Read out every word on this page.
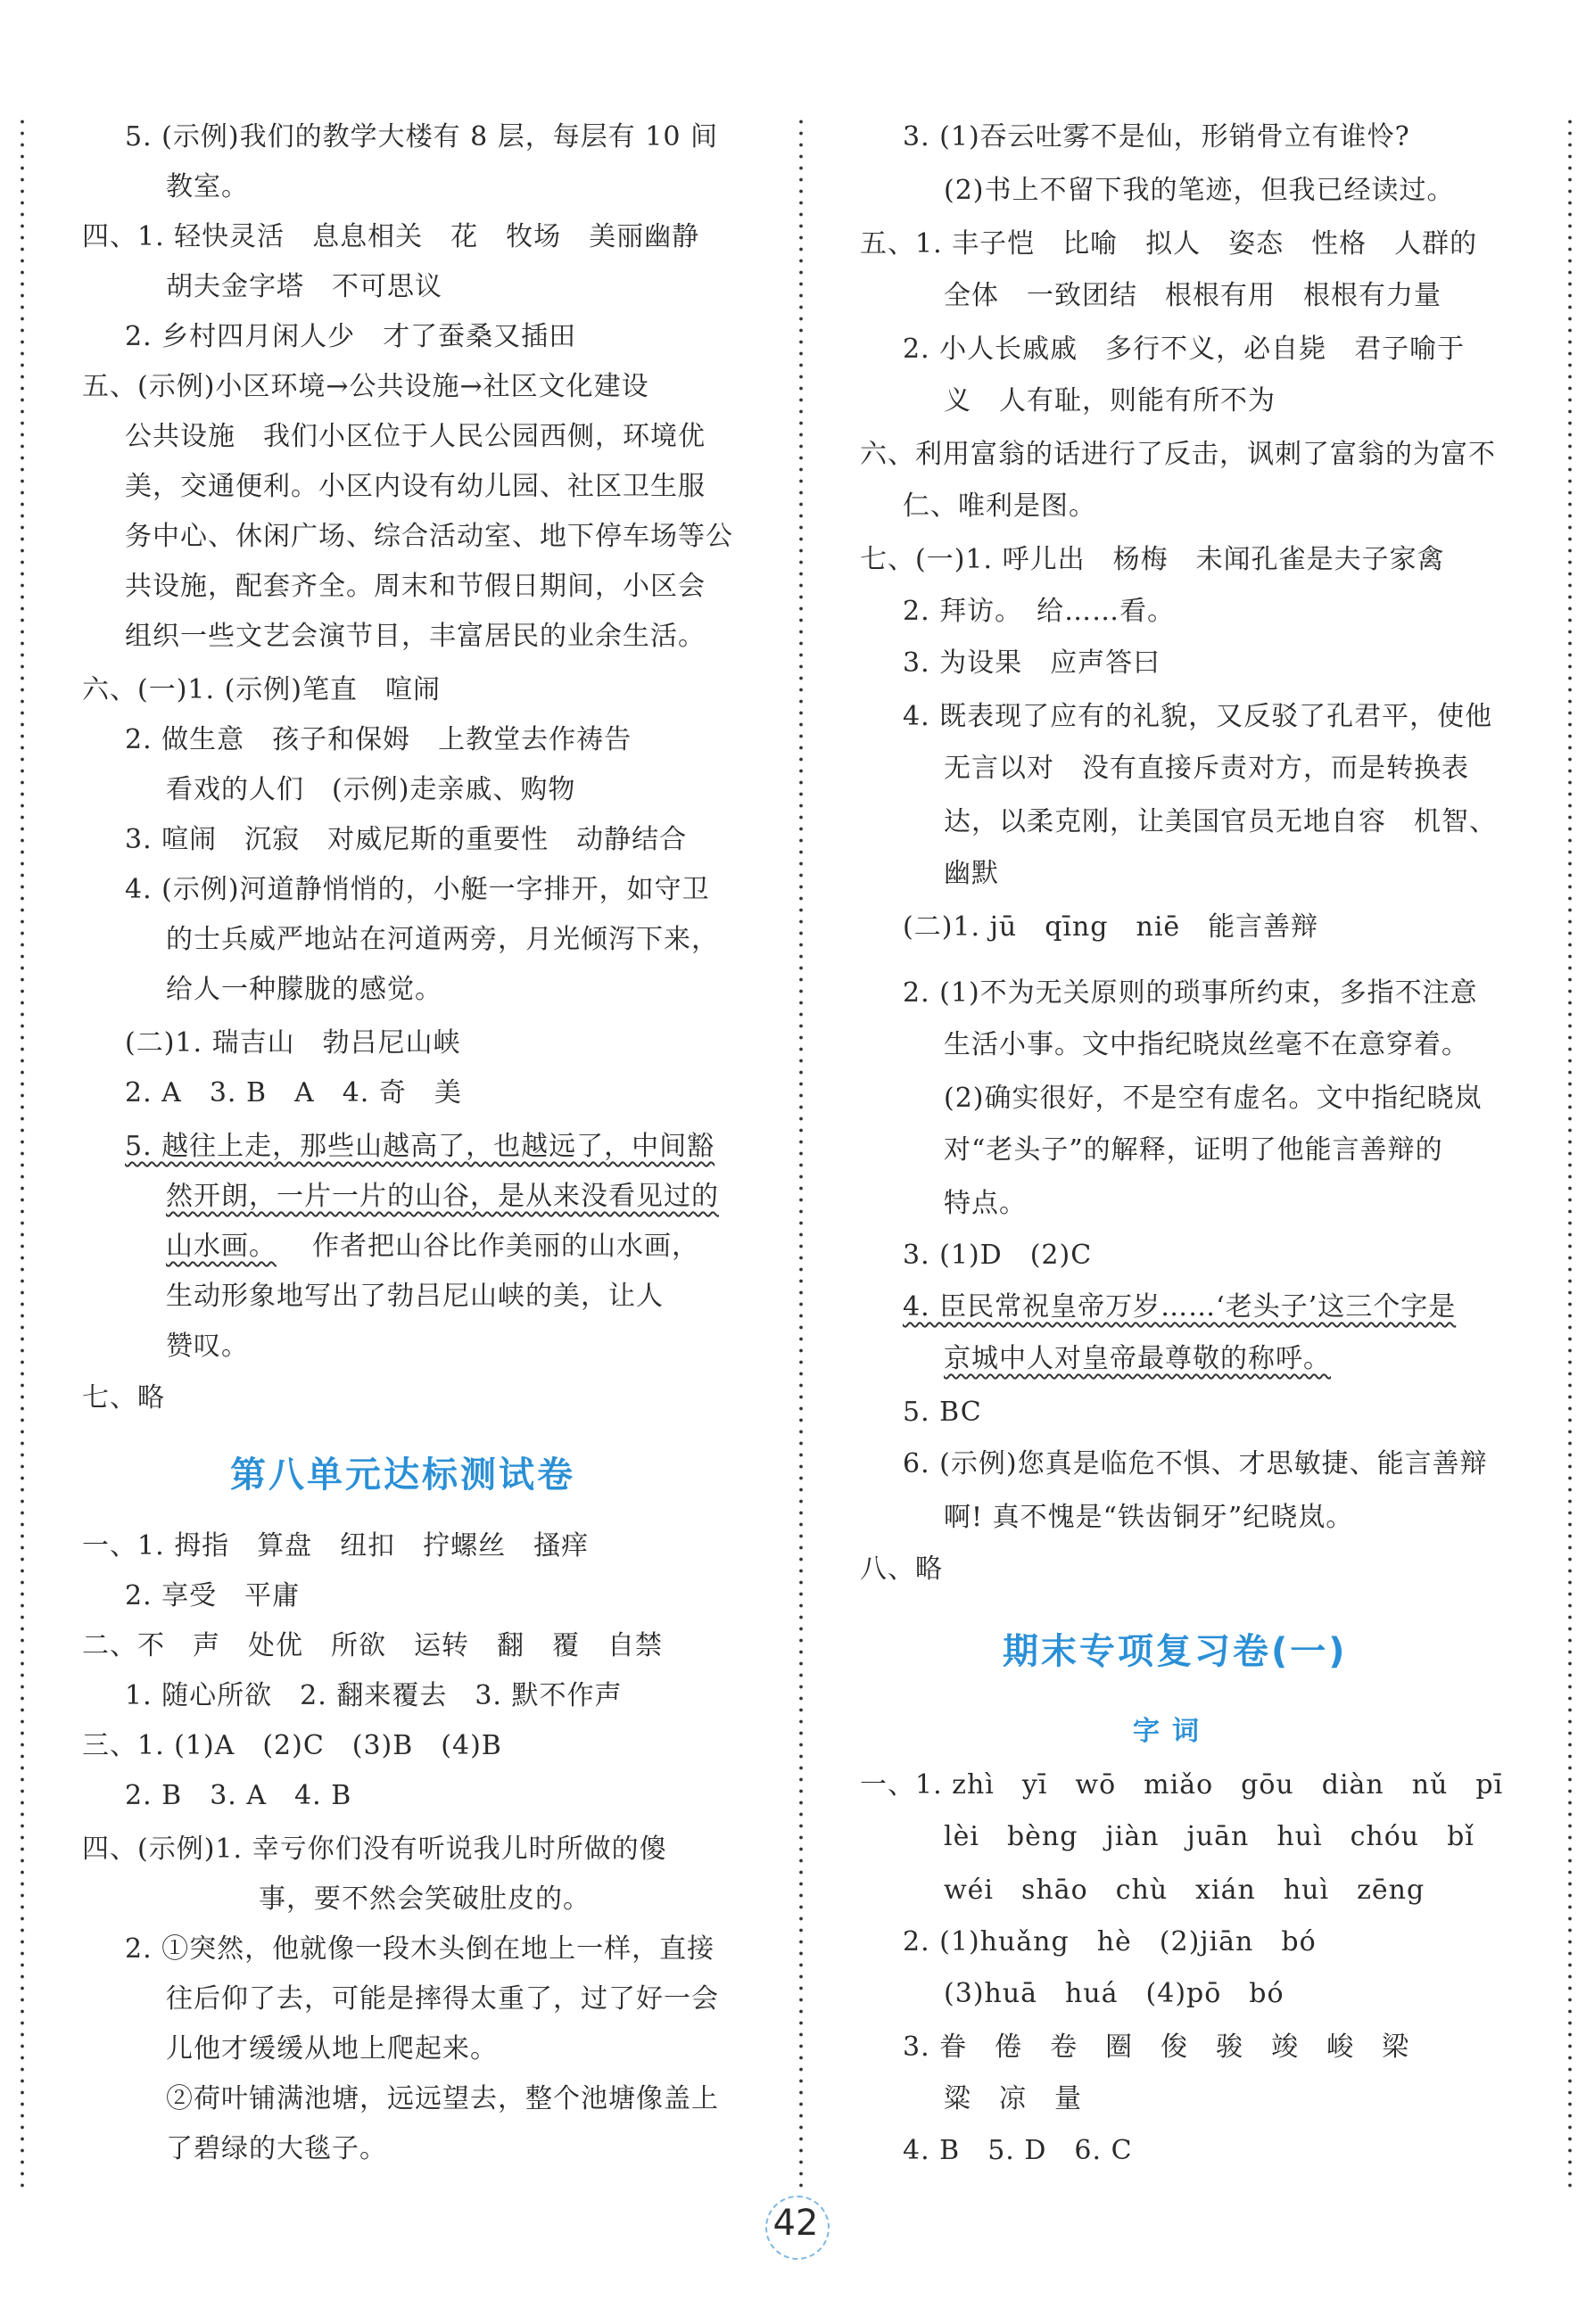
5. (示例)我们的教学大楼有 8 层，每层有 10 间
教室。
四、1. 轻快灵活　息息相关　花　牧场　美丽幽静
胡夫金字塔　不可思议
2. 乡村四月闲人少　才了蚕桑又插田
五、(示例)小区环境→公共设施→社区文化建设
公共设施　我们小区位于人民公园西侧，环境优
美，交通便利。小区内设有幼儿园、社区卫生服
务中心、休闲广场、综合活动室、地下停车场等公
共设施，配套齐全。周末和节假日期间，小区会
组织一些文艺会演节目，丰富居民的业余生活。
六、(一)1. (示例)笔直　喧闹
2. 做生意　孩子和保姆　上教堂去作祷告
看戏的人们　(示例)走亲戚、购物
3. 喧闹　沉寂　对威尼斯的重要性　动静结合
4. (示例)河道静悄悄的，小艇一字排开，如守卫
的士兵威严地站在河道两旁，月光倾泻下来，
给人一种朦胧的感觉。
(二)1. 瑞吉山　勃吕尼山峡
2. A　3. B　A　4. 奇　美
5. 越往上走，那些山越高了，也越远了，中间豁
然开朗，一片一片的山谷，是从来没看见过的
山水画。 作者把山谷比作美丽的山水画，
生动形象地写出了勃吕尼山峡的美，让人
赞叹。
七、略
第八单元达标测试卷
一、1. 拇指　算盘　纽扣　拧螺丝　搔痒
2. 享受　平庸
二、不　声　处优　所欲　运转　翻　覆　自禁
1. 随心所欲　2. 翻来覆去　3. 默不作声
三、1. (1)A　(2)C　(3)B　(4)B
2. B　3. A　4. B
四、(示例)1. 幸亏你们没有听说我儿时所做的傻
事，要不然会笑破肚皮的。
2. ①突然，他就像一段木头倒在地上一样，直接
往后仰了去，可能是摔得太重了，过了好一会
儿他才缓缓从地上爬起来。
②荷叶铺满池塘，远远望去，整个池塘像盖上
了碧绿的大毯子。
3. (1)吞云吐雾不是仙，形销骨立有谁怜?
(2)书上不留下我的笔迹，但我已经读过。
五、1. 丰子恺　比喻　拟人　姿态　性格　人群的
全体　一致团结　根根有用　根根有力量
2. 小人长戚戚　多行不义，必自毙　君子喻于
义　人有耻，则能有所不为
六、利用富翁的话进行了反击，讽刺了富翁的为富不
仁、唯利是图。
七、(一)1. 呼儿出　杨梅　未闻孔雀是夫子家禽
2. 拜访。　给……看。
3. 为设果　应声答曰
4. 既表现了应有的礼貌，又反驳了孔君平，使他
无言以对　没有直接斥责对方，而是转换表
达，以柔克刚，让美国官员无地自容　机智、
幽默
(二)1. jū　qīng　niē　能言善辩
2. (1)不为无关原则的琐事所约束，多指不注意
生活小事。文中指纪晓岚丝毫不在意穿着。
(2)确实很好，不是空有虚名。文中指纪晓岚
对“老头子”的解释，证明了他能言善辩的
特点。
3. (1)D　(2)C
4. 臣民常祝皇帝万岁……‘老头子’这三个字是
京城中人对皇帝最尊敬的称呼。
5. BC
6. (示例)您真是临危不惧、才思敏捷、能言善辩
啊! 真不愧是“铁齿铜牙”纪晓岚。
八、略
期末专项复习卷(一)
字词
一、1. zhì　yī　wō　miǎo　gōu　diàn　nǔ　pī
lèi　bèng　jiàn　juān　huì　chóu　bǐ
wéi　shāo　chù　xián　huì　zēng
2. (1)huǎng　hè　(2)jiān　bó
(3)huā　huá　(4)pō　bó
3. 眷　倦　卷　圈　俊　骏　竣　峻　梁
粱　凉　量
4. B　5. D　6. C
42
